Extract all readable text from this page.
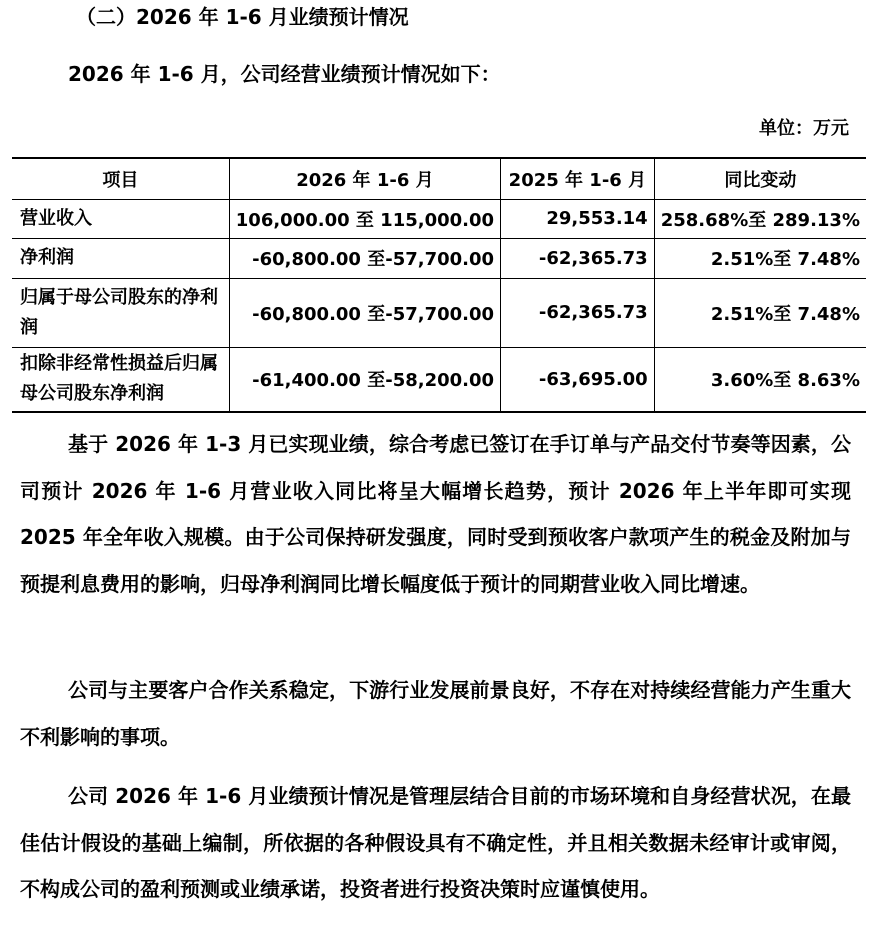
（二）2026 年 1-6 月业绩预计情况
2026 年 1-6 月，公司经营业绩预计情况如下：
单位：万元
项目	2026 年 1-6 月	2025 年 1-6 月	同比变动
营业收入	106,000.00 至 115,000.00	29,553.14	258.68%至 289.13%
净利润	-60,800.00 至-57,700.00	-62,365.73	2.51%至 7.48%
归属于母公司股东的净利润	-60,800.00 至-57,700.00	-62,365.73	2.51%至 7.48%
扣除非经常性损益后归属母公司股东净利润	-61,400.00 至-58,200.00	-63,695.00	3.60%至 8.63%

基于 2026 年 1-3 月已实现业绩，综合考虑已签订在手订单与产品交付节奏等因素，公司预计 2026 年 1-6 月营业收入同比将呈大幅增长趋势，预计 2026 年上半年即可实现 2025 年全年收入规模。由于公司保持研发强度，同时受到预收客户款项产生的税金及附加与预提利息费用的影响，归母净利润同比增长幅度低于预计的同期营业收入同比增速。

公司与主要客户合作关系稳定，下游行业发展前景良好，不存在对持续经营能力产生重大不利影响的事项。

公司 2026 年 1-6 月业绩预计情况是管理层结合目前的市场环境和自身经营状况，在最佳估计假设的基础上编制，所依据的各种假设具有不确定性，并且相关数据未经审计或审阅，不构成公司的盈利预测或业绩承诺，投资者进行投资决策时应谨慎使用。
